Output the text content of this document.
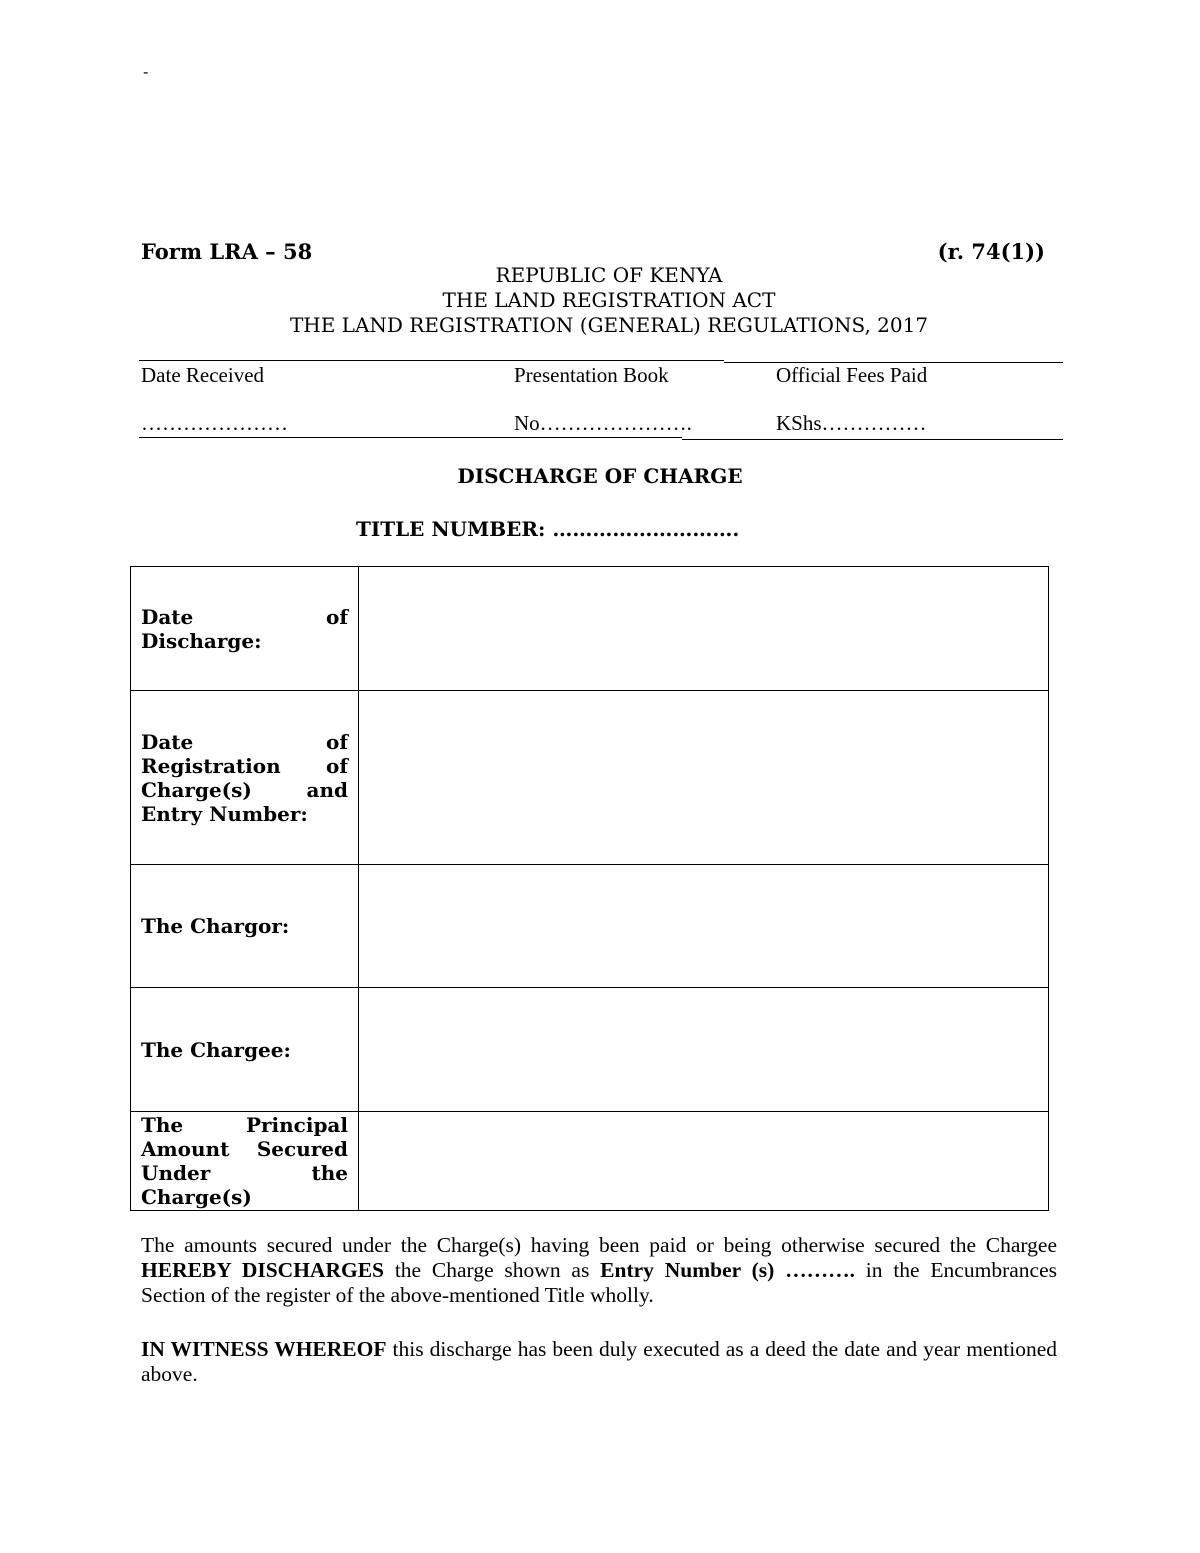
-
Form LRA – 58	(r. 74(1))
REPUBLIC OF KENYA
THE LAND REGISTRATION ACT
THE LAND REGISTRATION (GENERAL) REGULATIONS, 2017
Date Received	Presentation Book	Official Fees Paid
…………………	No………………….	KShs……………
DISCHARGE OF CHARGE
TITLE NUMBER: ……………………….
Date of Discharge:	
Date of Registration of Charge(s) and Entry Number:	
The Chargor:	
The Chargee:	
The Principal Amount Secured Under the Charge(s)	
The amounts secured under the Charge(s) having been paid or being otherwise secured the Chargee HEREBY DISCHARGES the Charge shown as Entry Number (s) ………. in the Encumbrances Section of the register of the above-mentioned Title wholly.
IN WITNESS WHEREOF this discharge has been duly executed as a deed the date and year mentioned above.
